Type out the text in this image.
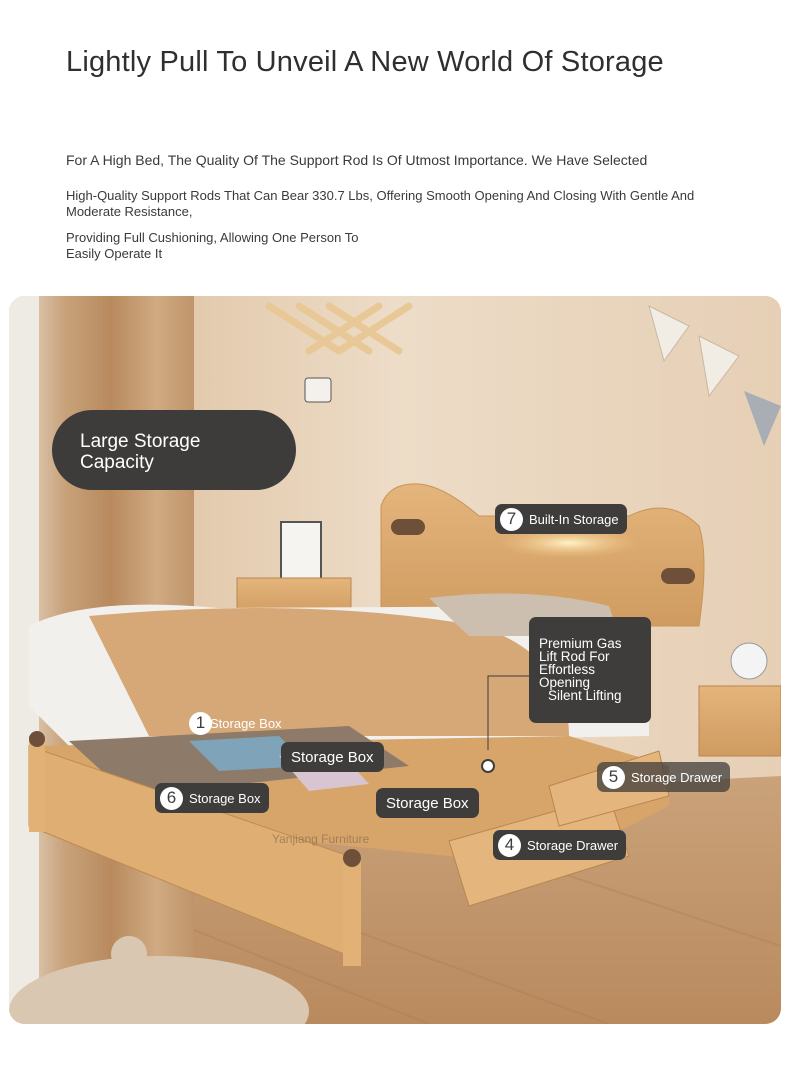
Lightly Pull To Unveil A New World Of Storage

For A High Bed, The Quality Of The Support Rod Is Of Utmost Importance. We Have Selected

High-Quality Support Rods That Can Bear 330.7 Lbs, Offering Smooth Opening And Closing With Gentle And Moderate Resistance,

Providing Full Cushioning, Allowing One Person To Easily Operate It

Large Storage
Capacity
7 Built-In Storage
1 Storage Box
Storage Box
6 Storage Box	Storage Box
5 Storage Drawer
4 Storage Drawer
Premium Gas
Lift Rod For
Effortless
Opening
Silent Lifting
Yanjiang Furniture
